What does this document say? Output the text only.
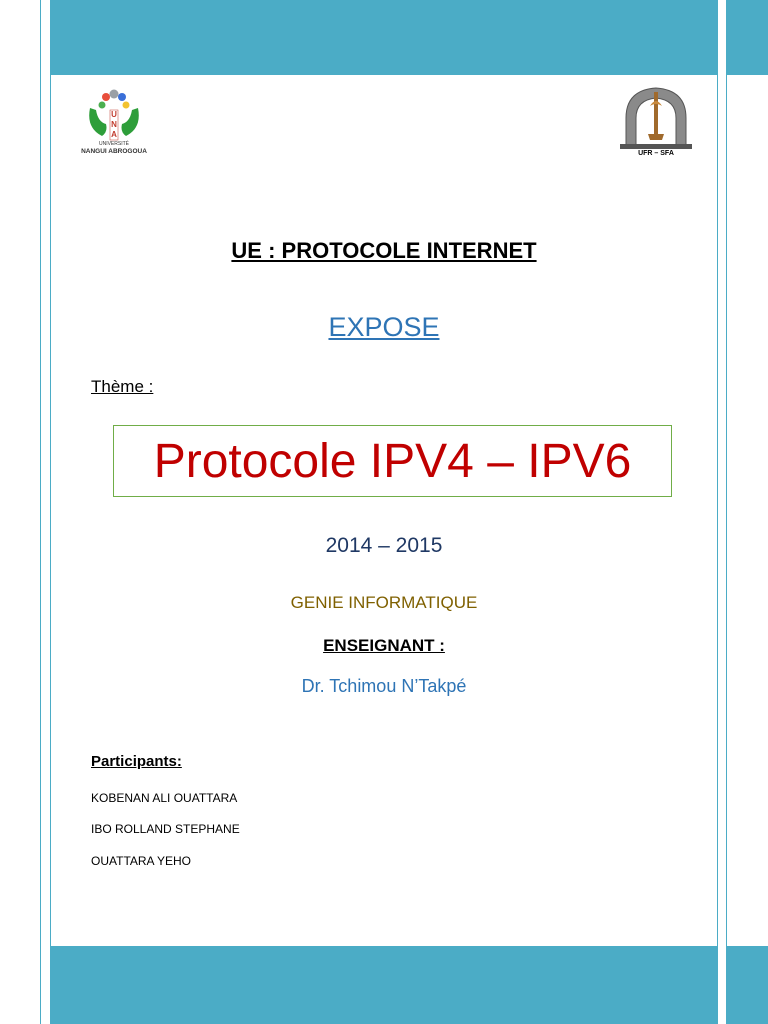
UNA
UNIVERSITÉ
NANGUI ABROGOUA	UFR – SFA
UE : PROTOCOLE INTERNET
EXPOSE
Thème :
Protocole IPV4 – IPV6
2014 – 2015
GENIE INFORMATIQUE
ENSEIGNANT :
Dr. Tchimou N’Takpé
Participants:
KOBENAN ALI OUATTARA
IBO ROLLAND STEPHANE
OUATTARA YEHO
